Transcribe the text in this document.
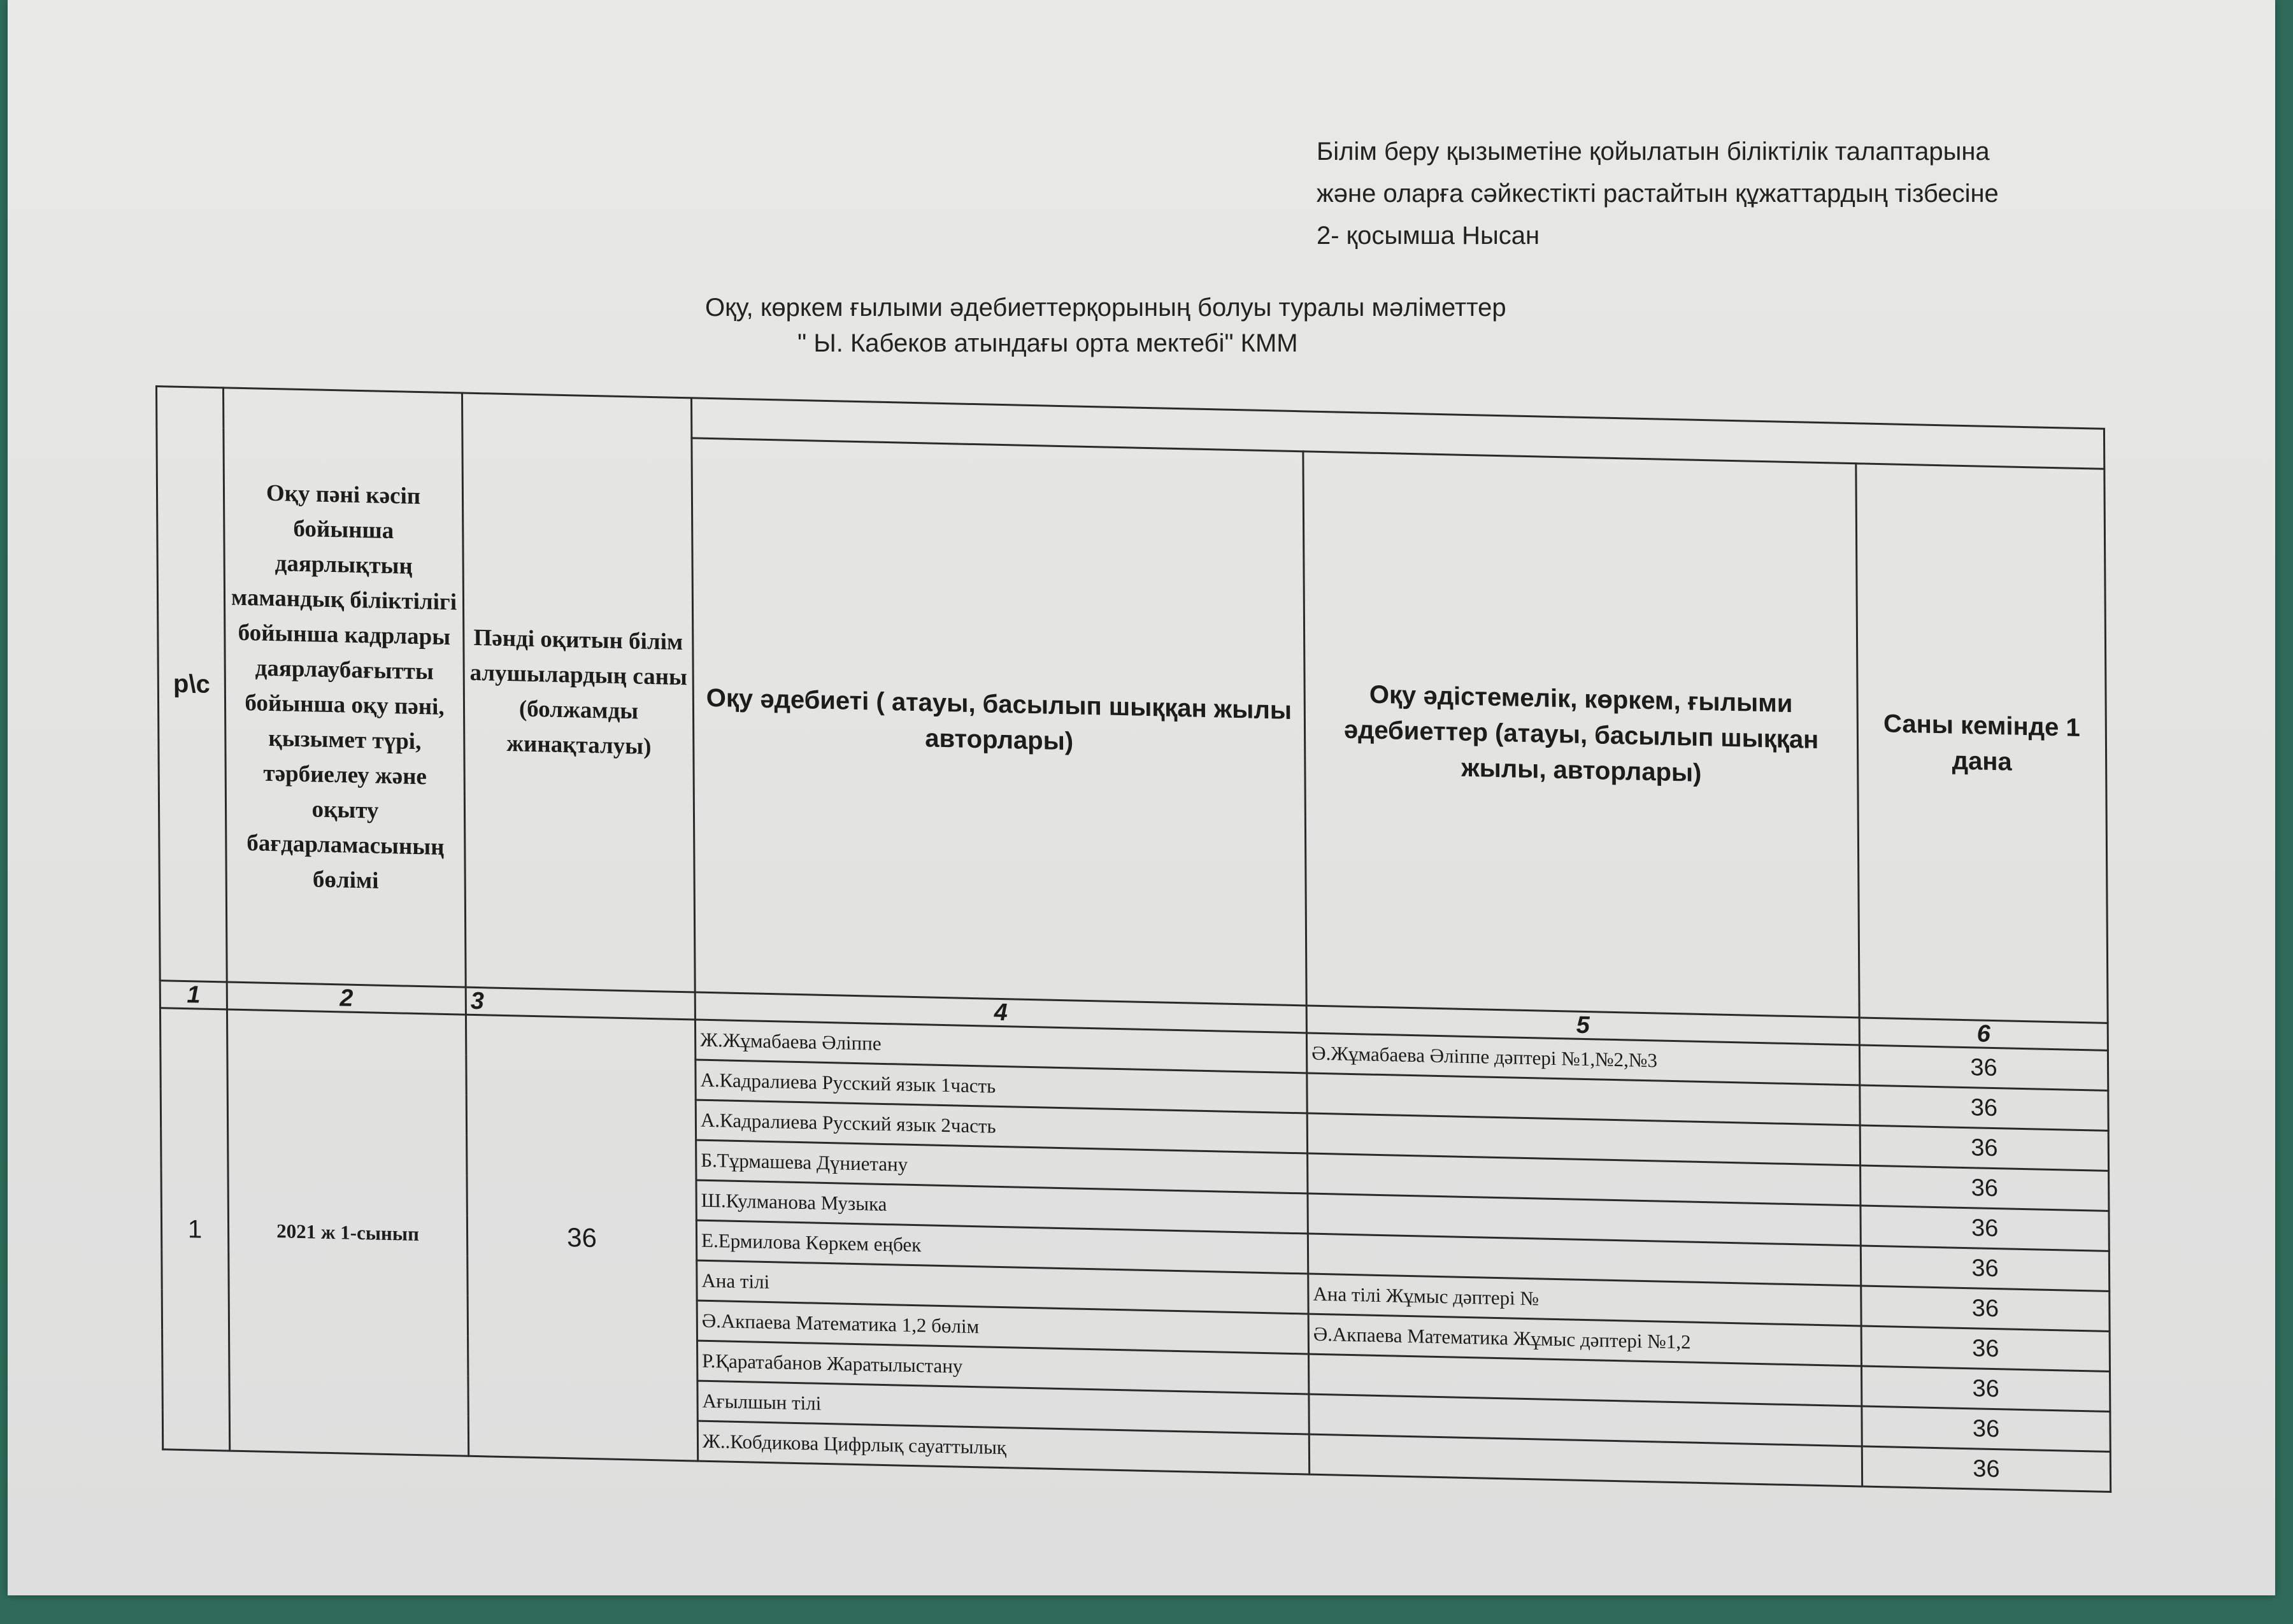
Білім беру қызыметіне қойылатын біліктілік талаптарына
және оларға сәйкестікті растайтын құжаттардың тізбесіне
2- қосымша Нысан
Оқу, көркем ғылыми әдебиеттерқорының болуы туралы мәліметтер
" Ы. Кабеков атындағы орта мектебі" КММ
р\с	Оқу пәні кәсіп бойынша даярлықтың мамандық біліктілігі бойынша кадрлары даярлаубағытты бойынша оқу пәні, қызымет түрі, тәрбиелеу және оқыту бағдарламасының бөлімі	Пәнді оқитын білім алушылардың саны (болжамды жинақталуы)			
			Оқу әдебиеті ( атауы, басылып шыққан жылы авторлары)	Оқу әдістемелік, көркем, ғылыми әдебиеттер (атауы, басылып шыққан жылы, авторлары)	Саны кемінде 1 дана
1	2	3	4	5	6
1	2021 ж 1-сынып	36	Ж.Жұмабаева Әліппе	Ә.Жұмабаева Әліппе дәптері №1,№2,№3	36
			А.Кадралиева Русский язык 1часть		36
			А.Кадралиева Русский язык 2часть		36
			Б.Тұрмашева Дүниетану		36
			Ш.Кулманова Музыка		36
			Е.Ермилова Көркем еңбек		36
			Ана тілі	Ана тілі Жұмыс дәптері №	36
			Ә.Акпаева Математика 1,2 бөлім	Ә.Акпаева Математика Жұмыс дәптері №1,2	36
			Р.Қаратабанов Жаратылыстану		36
			Ағылшын тілі		36
			Ж..Кобдикова Цифрлық сауаттылық		36
